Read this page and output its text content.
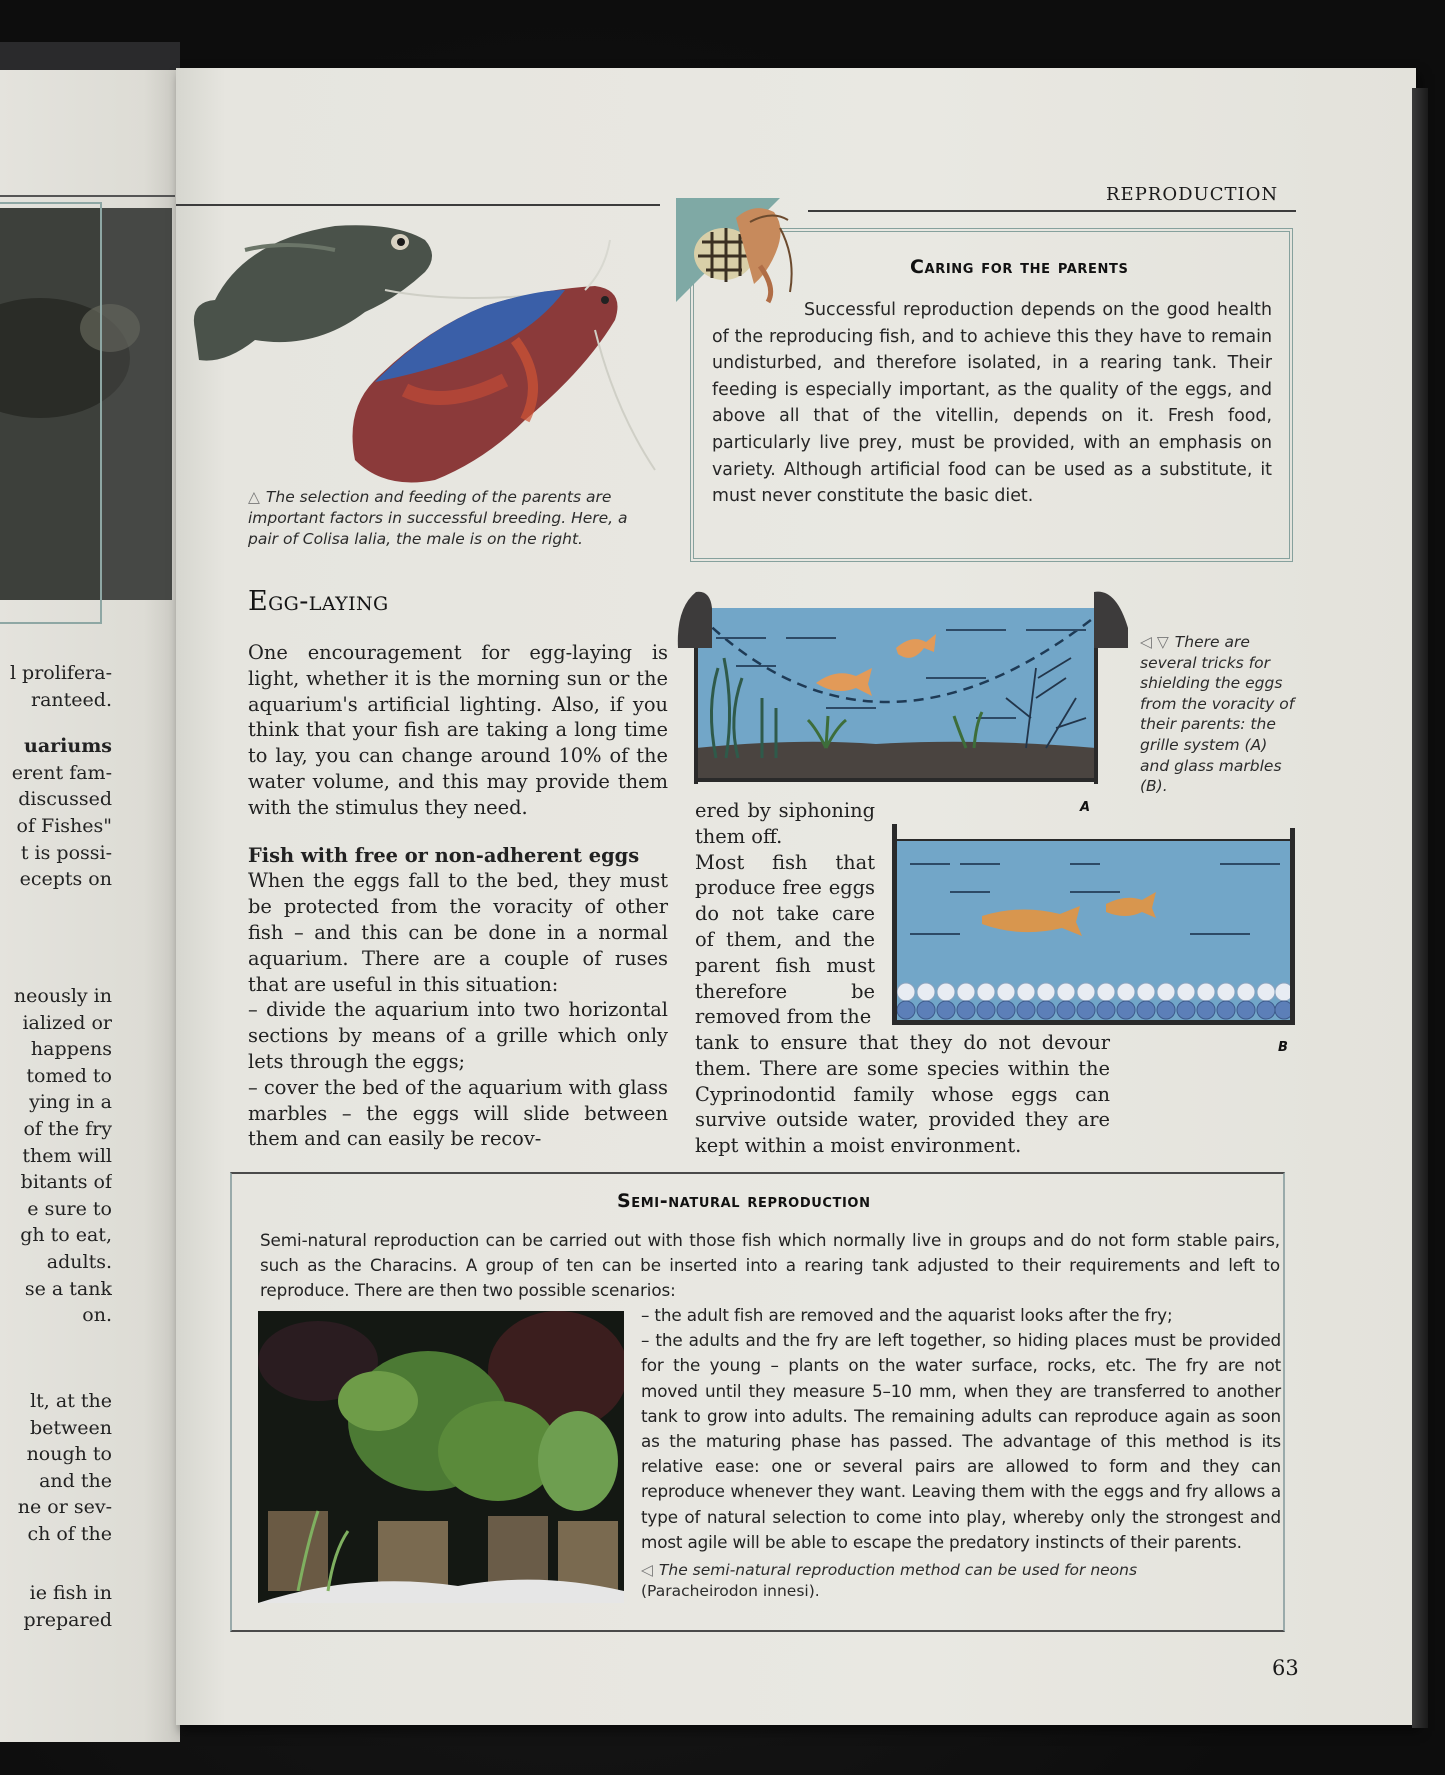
l prolifera-
ranteed.
uariums
erent fam-
discussed
of Fishes"
t is possi-
ecepts on
neously in
ialized or
happens
tomed to
ying in a
of the fry
them will
bitants of
e sure to
gh to eat,
adults.
se a tank
on.
lt, at the
between
nough to
and the
ne or sev-
ch of the
ie fish in
prepared
REPRODUCTION
△ The selection and feeding of the parents are important factors in successful breeding. Here, a pair of Colisa lalia, the male is on the right.
Caring for the parents
Successful reproduction depends on the good health of the reproducing fish, and to achieve this they have to remain undisturbed, and therefore isolated, in a rearing tank. Their feeding is especially important, as the quality of the eggs, and above all that of the vitellin, depends on it. Fresh food, particularly live prey, must be provided, with an emphasis on variety. Although artificial food can be used as a substitute, it must never constitute the basic diet.
Egg-laying

One encouragement for egg-laying is light, whether it is the morning sun or the aquarium's artificial lighting. Also, if you think that your fish are taking a long time to lay, you can change around 10% of the water volume, and this may provide them with the stimulus they need.

Fish with free or non-adherent eggs

When the eggs fall to the bed, they must be protected from the voracity of other fish – and this can be done in a normal aquarium. There are a couple of ruses that are useful in this situation:

– divide the aquarium into two horizontal sections by means of a grille which only lets through the eggs;

– cover the bed of the aquarium with glass marbles – the eggs will slide between them and can easily be recov-

ered by siphoning them off.

Most fish that produce free eggs do not take care of them, and the parent fish must therefore be removed from the

tank to ensure that they do not devour them. There are some species within the Cyprinodontid family whose eggs can survive outside water, provided they are kept within a moist environment.

A
◁ ▽ There are several tricks for shielding the eggs from the voracity of their parents: the grille system (A) and glass marbles (B).
B
Semi-natural reproduction
Semi-natural reproduction can be carried out with those fish which normally live in groups and do not form stable pairs, such as the Characins. A group of ten can be inserted into a rearing tank adjusted to their requirements and left to reproduce. There are then two possible scenarios:

– the adult fish are removed and the aquarist looks after the fry;

– the adults and the fry are left together, so hiding places must be provided for the young – plants on the water surface, rocks, etc. The fry are not moved until they measure 5–10 mm, when they are transferred to another tank to grow into adults. The remaining adults can reproduce again as soon as the maturing phase has passed. The advantage of this method is its relative ease: one or several pairs are allowed to form and they can reproduce whenever they want. Leaving them with the eggs and fry allows a type of natural selection to come into play, whereby only the strongest and most agile will be able to escape the predatory instincts of their parents.

◁ The semi-natural reproduction method can be used for neons
(Paracheirodon innesi).
63
